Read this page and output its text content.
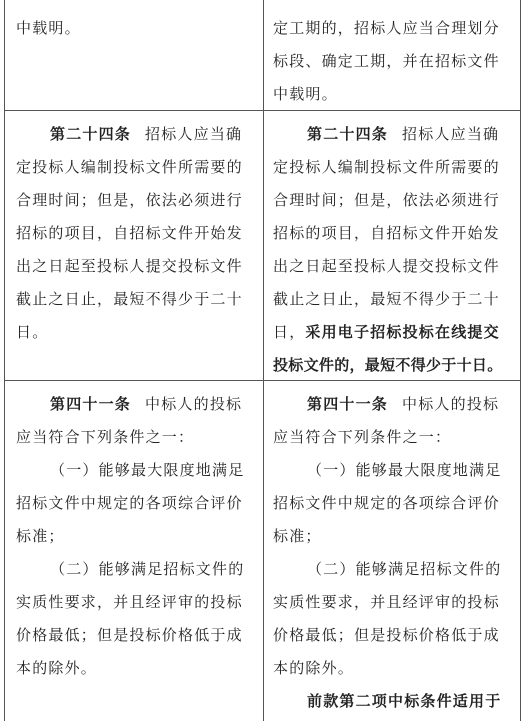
中载明。	定工期的，招标人应当合理划分
标段、确定工期，并在招标文件
中载明。
第二十四条 招标人应当确
定投标人编制投标文件所需要的
合理时间；但是，依法必须进行
招标的项目，自招标文件开始发
出之日起至投标人提交投标文件
截止之日止，最短不得少于二十
日。
第二十四条 招标人应当确
定投标人编制投标文件所需要的
合理时间；但是，依法必须进行
招标的项目，自招标文件开始发
出之日起至投标人提交投标文件
截止之日止，最短不得少于二十
日，采用电子招标投标在线提交
投标文件的，最短不得少于十日。
第四十一条 中标人的投标
应当符合下列条件之一：
（一）能够最大限度地满足
招标文件中规定的各项综合评价
标准；
（二）能够满足招标文件的
实质性要求，并且经评审的投标
价格最低；但是投标价格低于成
本的除外。
第四十一条 中标人的投标
应当符合下列条件之一：
（一）能够最大限度地满足
招标文件中规定的各项综合评价
标准；
（二）能够满足招标文件的
实质性要求，并且经评审的投标
价格最低；但是投标价格低于成
本的除外。
前款第二项中标条件适用于
